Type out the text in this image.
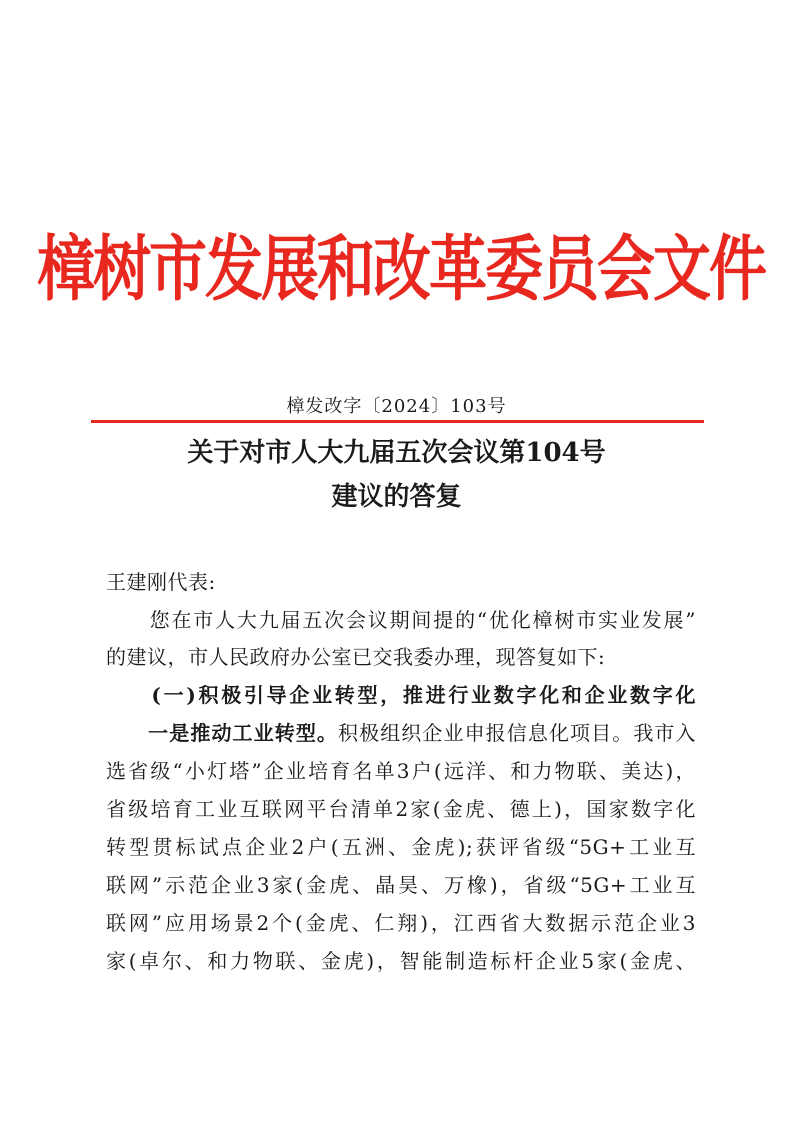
樟树市发展和改革委员会文件
樟发改字〔2024〕103号
关于对市人大九届五次会议第104号
建议的答复
王建刚代表:
　　您在市人大九届五次会议期间提的“优化樟树市实业发展”
的建议，市人民政府办公室已交我委办理，现答复如下:
　　(一)积极引导企业转型，推进行业数字化和企业数字化
　　一是推动工业转型。积极组织企业申报信息化项目。我市入
选省级“小灯塔”企业培育名单3户(远洋、和力物联、美达)，
省级培育工业互联网平台清单2家(金虎、德上)，国家数字化
转型贯标试点企业2户(五洲、金虎);获评省级“5G+工业互
联网”示范企业3家(金虎、晶昊、万橡)，省级“5G+工业互
联网”应用场景2个(金虎、仁翔)，江西省大数据示范企业3
家(卓尔、和力物联、金虎)，智能制造标杆企业5家(金虎、
